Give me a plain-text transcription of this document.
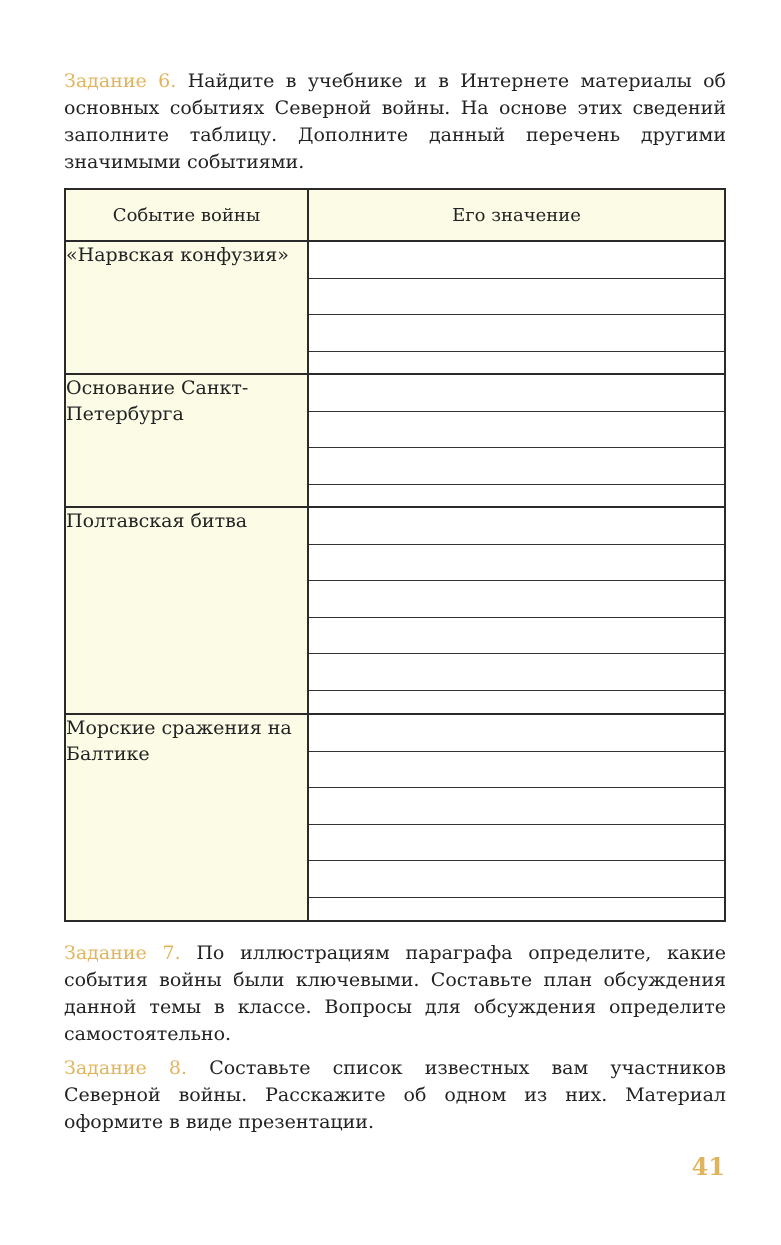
Задание 6. Найдите в учебнике и в Интернете материалы об основных событиях Северной войны. На основе этих сведений заполните таблицу. Дополните данный перечень другими значимыми событиями.

Событие войны	Его значение
«Нарвская конфузия»	

Основание Санкт-Петербурга	

Полтавская битва	

Морские сражения на Балтике	

Задание 7. По иллюстрациям параграфа определите, какие события войны были ключевыми. Составьте план обсуждения данной темы в классе. Вопросы для обсуждения определите самостоятельно.

Задание 8. Составьте список известных вам участников Северной войны. Расскажите об одном из них. Материал оформите в виде презентации.

41
